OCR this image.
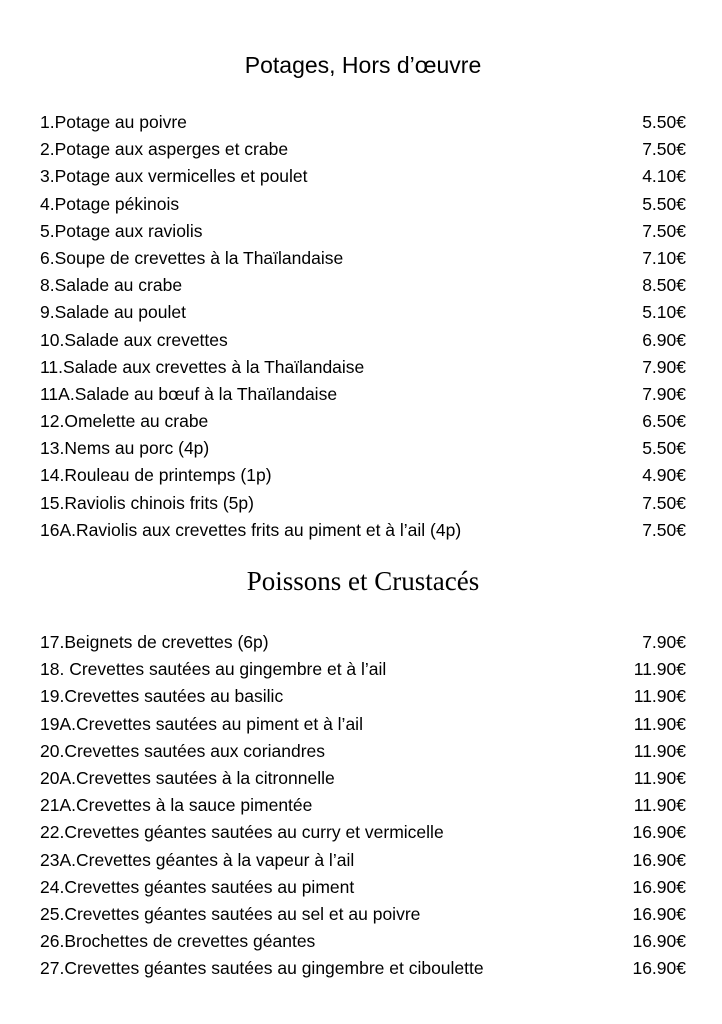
Potages, Hors d’œuvre
1.Potage au poivre	5.50€
2.Potage aux asperges et crabe	7.50€
3.Potage aux vermicelles et poulet	4.10€
4.Potage pékinois	5.50€
5.Potage aux raviolis	7.50€
6.Soupe de crevettes à la Thaïlandaise	7.10€
8.Salade au crabe	8.50€
9.Salade au poulet	5.10€
10.Salade aux crevettes	6.90€
11.Salade aux crevettes à la Thaïlandaise	7.90€
11A.Salade au bœuf à la Thaïlandaise	7.90€
12.Omelette au crabe	6.50€
13.Nems au porc (4p)	5.50€
14.Rouleau de printemps (1p)	4.90€
15.Raviolis chinois frits (5p)	7.50€
16A.Raviolis aux crevettes frits au piment et à l’ail (4p)	7.50€
Poissons et Crustacés
17.Beignets de crevettes (6p)	7.90€
18. Crevettes sautées au gingembre et à l’ail	11.90€
19.Crevettes sautées au basilic	11.90€
19A.Crevettes sautées au piment et à l’ail	11.90€
20.Crevettes sautées aux coriandres	11.90€
20A.Crevettes sautées à la citronnelle	11.90€
21A.Crevettes à la sauce pimentée	11.90€
22.Crevettes géantes sautées au curry et vermicelle	16.90€
23A.Crevettes géantes à la vapeur à l’ail	16.90€
24.Crevettes géantes sautées au piment	16.90€
25.Crevettes géantes sautées au sel et au poivre	16.90€
26.Brochettes de crevettes géantes	16.90€
27.Crevettes géantes sautées au gingembre et ciboulette	16.90€
